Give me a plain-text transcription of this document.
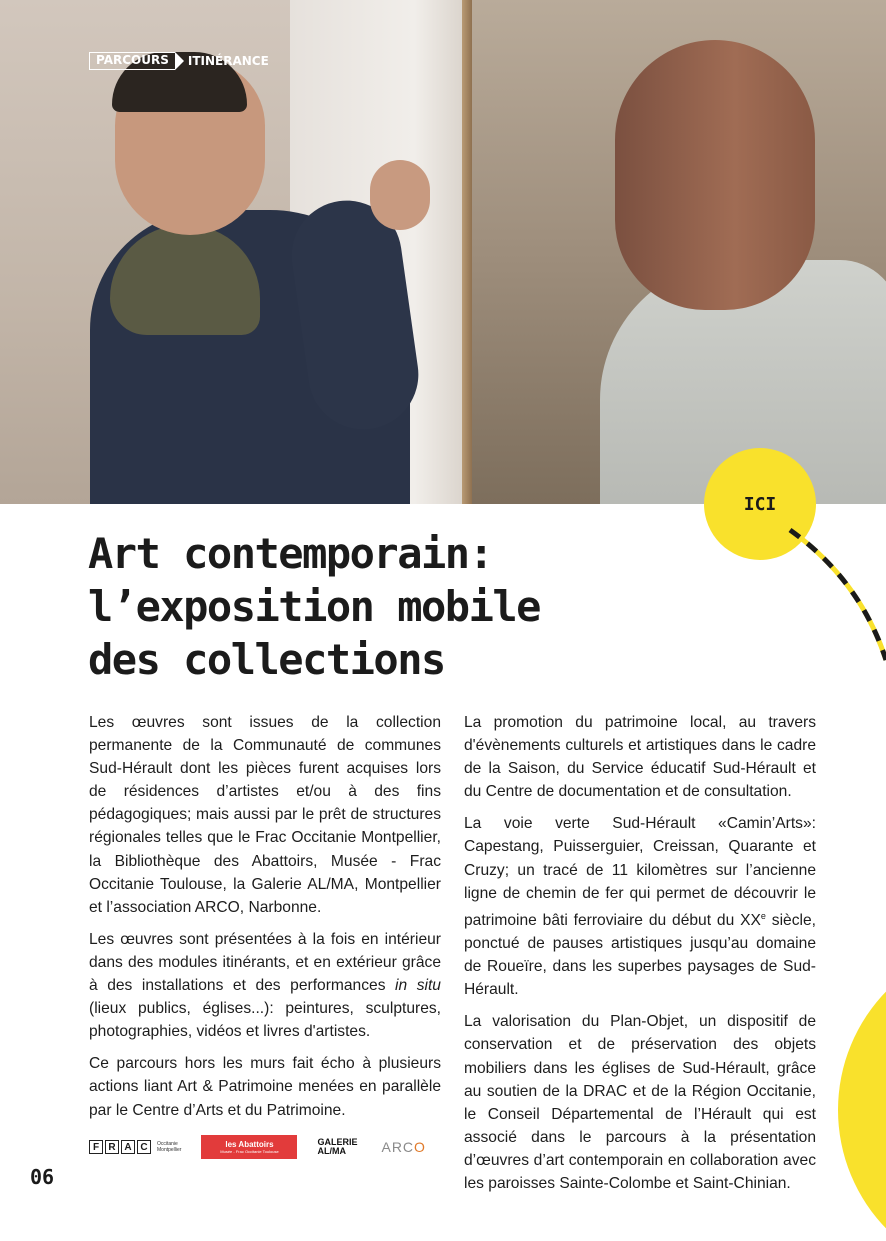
PARCOURS	ITINÉRANCE
ICI
Art contemporain:
l’exposition mobile
des collections

Les œuvres sont issues de la collection permanente de la Communauté de communes Sud-Hérault dont les pièces furent acquises lors de résidences d’artistes et/ou à des fins pédagogiques; mais aussi par le prêt de structures régionales telles que le Frac Occitanie Montpellier, la Bibliothèque des Abattoirs, Musée - Frac Occitanie Toulouse, la Galerie AL/MA, Montpellier et l’association ARCO, Narbonne.

Les œuvres sont présentées à la fois en intérieur dans des modules itinérants, et en extérieur grâce à des installations et des performances in situ (lieux publics, églises...): peintures, sculptures, photographies, vidéos et livres d'artistes.

Ce parcours hors les murs fait écho à plusieurs actions liant Art & Patrimoine menées en parallèle par le Centre d’Arts et du Patrimoine.

La promotion du patrimoine local, au travers d'évènements culturels et artistiques dans le cadre de la Saison, du Service éducatif Sud-Hérault et du Centre de documentation et de consultation.

La voie verte Sud-Hérault «Camin’Arts»: Capestang, Puisserguier, Creissan, Quarante et Cruzy; un tracé de 11 kilomètres sur l’ancienne ligne de chemin de fer qui permet de découvrir le patrimoine bâti ferroviaire du début du XXe siècle, ponctué de pauses artistiques jusqu’au domaine de Roueïre, dans les superbes paysages de Sud-Hérault.

La valorisation du Plan-Objet, un dispositif de conservation et de préservation des objets mobiliers dans les églises de Sud-Hérault, grâce au soutien de la DRAC et de la Région Occitanie, le Conseil Départemental de l’Hérault qui est associé dans le parcours à la présentation d’œuvres d’art contemporain en collaboration avec les paroisses Sainte-Colombe et Saint-Chinian.

F R A C	Occitanie
Montpellier
les Abattoirs
Musée - Frac Occitanie Toulouse
GALERIE
AL/MA	ARCO
06
